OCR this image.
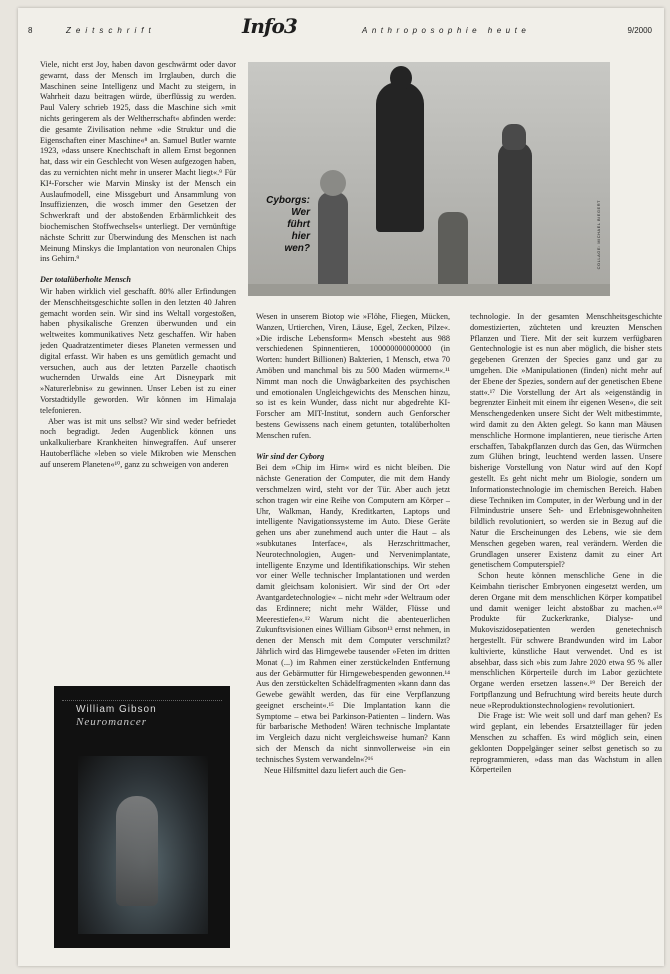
8	Zeitschrift	Info3	Anthroposophie heute	9/2000

Viele, nicht erst Joy, haben davon geschwärmt oder davor gewarnt, dass der Mensch im Irrglauben, durch die Maschinen seine Intelligenz und Macht zu steigern, in Wahrheit dazu beitragen würde, überflüssig zu werden. Paul Valery schrieb 1925, dass die Maschine sich »mit nichts geringerem als der Weltherrschaft« abfinden werde: die gesamte Zivilisation nehme »die Struktur und die Eigenschaften einer Maschine«⁸ an. Samuel Butler warnte 1923, »dass unsere Knechtschaft in allem Ernst begonnen hat, dass wir ein Geschlecht von Wesen aufgezogen haben, das zu vernichten nicht mehr in unserer Macht liegt«.⁹ Für KI⁴-Forscher wie Marvin Minsky ist der Mensch ein Auslaufmodell, eine Missgeburt und Ansammlung von Insuffizienzen, die wosch immer den Gesetzen der Schwerkraft und der abstoßenden Erbärmlichkeit des biochemischen Stoffwechsels« unterliegt. Der vernünftige nächste Schritt zur Überwindung des Menschen ist nach Meinung Minskys die Implantation von neuronalen Chips ins Gehirn.⁹

Der totalüberholte Mensch

Wir haben wirklich viel geschafft. 80% aller Erfindungen der Menschheitsgeschichte sollen in den letzten 40 Jahren gemacht worden sein. Wir sind ins Weltall vorgestoßen, haben physikalische Grenzen überwunden und ein weltweites kommunikatives Netz geschaffen. Wir haben jeden Quadratzentimeter dieses Planeten vermessen und digital erfasst. Wir haben es uns gemütlich gemacht und versuchen, auch aus der letzten Parzelle chaotisch wuchernden Urwalds eine Art Disneypark mit »Naturerlebnis« zu gewinnen. Unser Leben ist zu einer Vorstadtidylle geworden. Wir können im Himalaja telefonieren.

Aber was ist mit uns selbst? Wir sind weder befriedet noch begradigt. Jeden Augenblick können uns unkalkulierbare Krankheiten hinwegraffen. Auf unserer Hautoberfläche »leben so viele Mikroben wie Menschen auf unserem Planeten«¹⁰, ganz zu schweigen von anderen

Cyborgs:
Wer
führt
hier
wen?	COLLAGE: MICHAEL BIEGERT
William Gibson
Neuromancer

Wesen in unserem Biotop wie »Flöhe, Fliegen, Mücken, Wanzen, Urtierchen, Viren, Läuse, Egel, Zecken, Pilze«. »Die irdische Lebensform« Mensch »besteht aus 988 verschiedenen Spinnentieren, 100000000000000 (in Worten: hundert Billionen) Bakterien, 1 Mensch, etwa 70 Amöben und manchmal bis zu 500 Maden würmern«.¹¹ Nimmt man noch die Unwägbarkeiten des psychischen und emotionalen Ungleichgewichts des Menschen hinzu, so ist es kein Wunder, dass nicht nur abgedrehte KI-Forscher am MIT-Institut, sondern auch Genforscher bestens Gewissens nach einem getunten, totalüberholten Menschen rufen.

Wir sind der Cyborg

Bei dem »Chip im Hirn« wird es nicht bleiben. Die nächste Generation der Computer, die mit dem Handy verschmelzen wird, steht vor der Tür. Aber auch jetzt schon tragen wir eine Reihe von Computern am Körper – Uhr, Walkman, Handy, Kreditkarten, Laptops und intelligente Navigationssysteme im Auto. Diese Geräte gehen uns aber zunehmend auch unter die Haut – als »subkutanes Interface«, als Herzschrittmacher, Neurotechnologien, Augen- und Nervenimplantate, intelligente Enzyme und Identifikationschips. Wir stehen vor einer Welle technischer Implantationen und werden damit gleichsam kolonisiert. Wir sind der Ort »der Avantgardetechnologie« – nicht mehr »der Weltraum oder das Erdinnere; nicht mehr Wälder, Flüsse und Meerestiefen«.¹² Warum nicht die abenteuerlichen Zukunftsvisionen eines William Gibson¹³ ernst nehmen, in denen der Mensch mit dem Computer verschmilzt? Jährlich wird das Hirngewebe tausender »Feten im dritten Monat (...) im Rahmen einer zerstückelnden Entfernung aus der Gebärmutter für Hirngewebespenden gewonnen.¹⁴ Aus den zerstückelten Schädelfragmenten »kann dann das Gewebe gewählt werden, das für eine Verpflanzung geeignet erscheint«.¹⁵ Die Implantation kann die Symptome – etwa bei Parkinson-Patienten – lindern. Was für barbarische Methoden! Wären technische Implantate im Vergleich dazu nicht vergleichsweise human? Kann sich der Mensch da nicht sinnvollerweise »in ein technisches System verwandeln«?¹⁶

Neue Hilfsmittel dazu liefert auch die Gen-

technologie. In der gesamten Menschheitsgeschichte domestizierten, züchteten und kreuzten Menschen Pflanzen und Tiere. Mit der seit kurzem verfügbaren Gentechnologie ist es nun aber möglich, die bisher stets gegebenen Grenzen der Species ganz und gar zu umgehen. Die »Manipulationen (finden) nicht mehr auf der Ebene der Spezies, sondern auf der genetischen Ebene statt«.¹⁷ Die Vorstellung der Art als »eigenständig in begrenzter Einheit mit einem ihr eigenen Wesen«, die seit Menschengedenken unsere Sicht der Welt mitbestimmte, wird damit zu den Akten gelegt. So kann man Mäusen menschliche Hormone implantieren, neue tierische Arten erschaffen, Tabakpflanzen durch das Gen, das Würmchen zum Glühen bringt, leuchtend werden lassen. Unsere bisherige Vorstellung von Natur wird auf den Kopf gestellt. Es geht nicht mehr um Biologie, sondern um Informationstechnologie im chemischen Bereich. Haben diese Techniken im Computer, in der Werbung und in der Filmindustrie unsere Seh- und Erlebnisgewohnheiten bildlich revolutioniert, so werden sie in Bezug auf die Natur die Erscheinungen des Lebens, wie sie dem Menschen gegeben waren, real verändern. Werden die Grundlagen unserer Existenz damit zu einer Art genetischem Computerspiel?

Schon heute können menschliche Gene in die Keimbahn tierischer Embryonen eingesetzt werden, um deren Organe mit dem menschlichen Körper kompatibel und damit weniger leicht abstoßbar zu machen.«¹⁸ Produkte für Zuckerkranke, Dialyse- und Mukoviszidosepatienten werden genetechnisch hergestellt. Für schwere Brandwunden wird im Labor kultivierte, künstliche Haut verwendet. Und es ist absehbar, dass sich »bis zum Jahre 2020 etwa 95 % aller menschlichen Körperteile durch im Labor gezüchtete Organe werden ersetzen lassen«.¹⁹ Der Bereich der Fortpflanzung und Befruchtung wird bereits heute durch neue »Reproduktionstechnologien« revolutioniert.

Die Frage ist: Wie weit soll und darf man gehen? Es wird geplant, ein lebendes Ersatzteillager für jeden Menschen zu schaffen. Es wird möglich sein, einen geklonten Doppelgänger seiner selbst genetisch so zu reprogrammieren, »dass man das Wachstum in allen Körperteilen
